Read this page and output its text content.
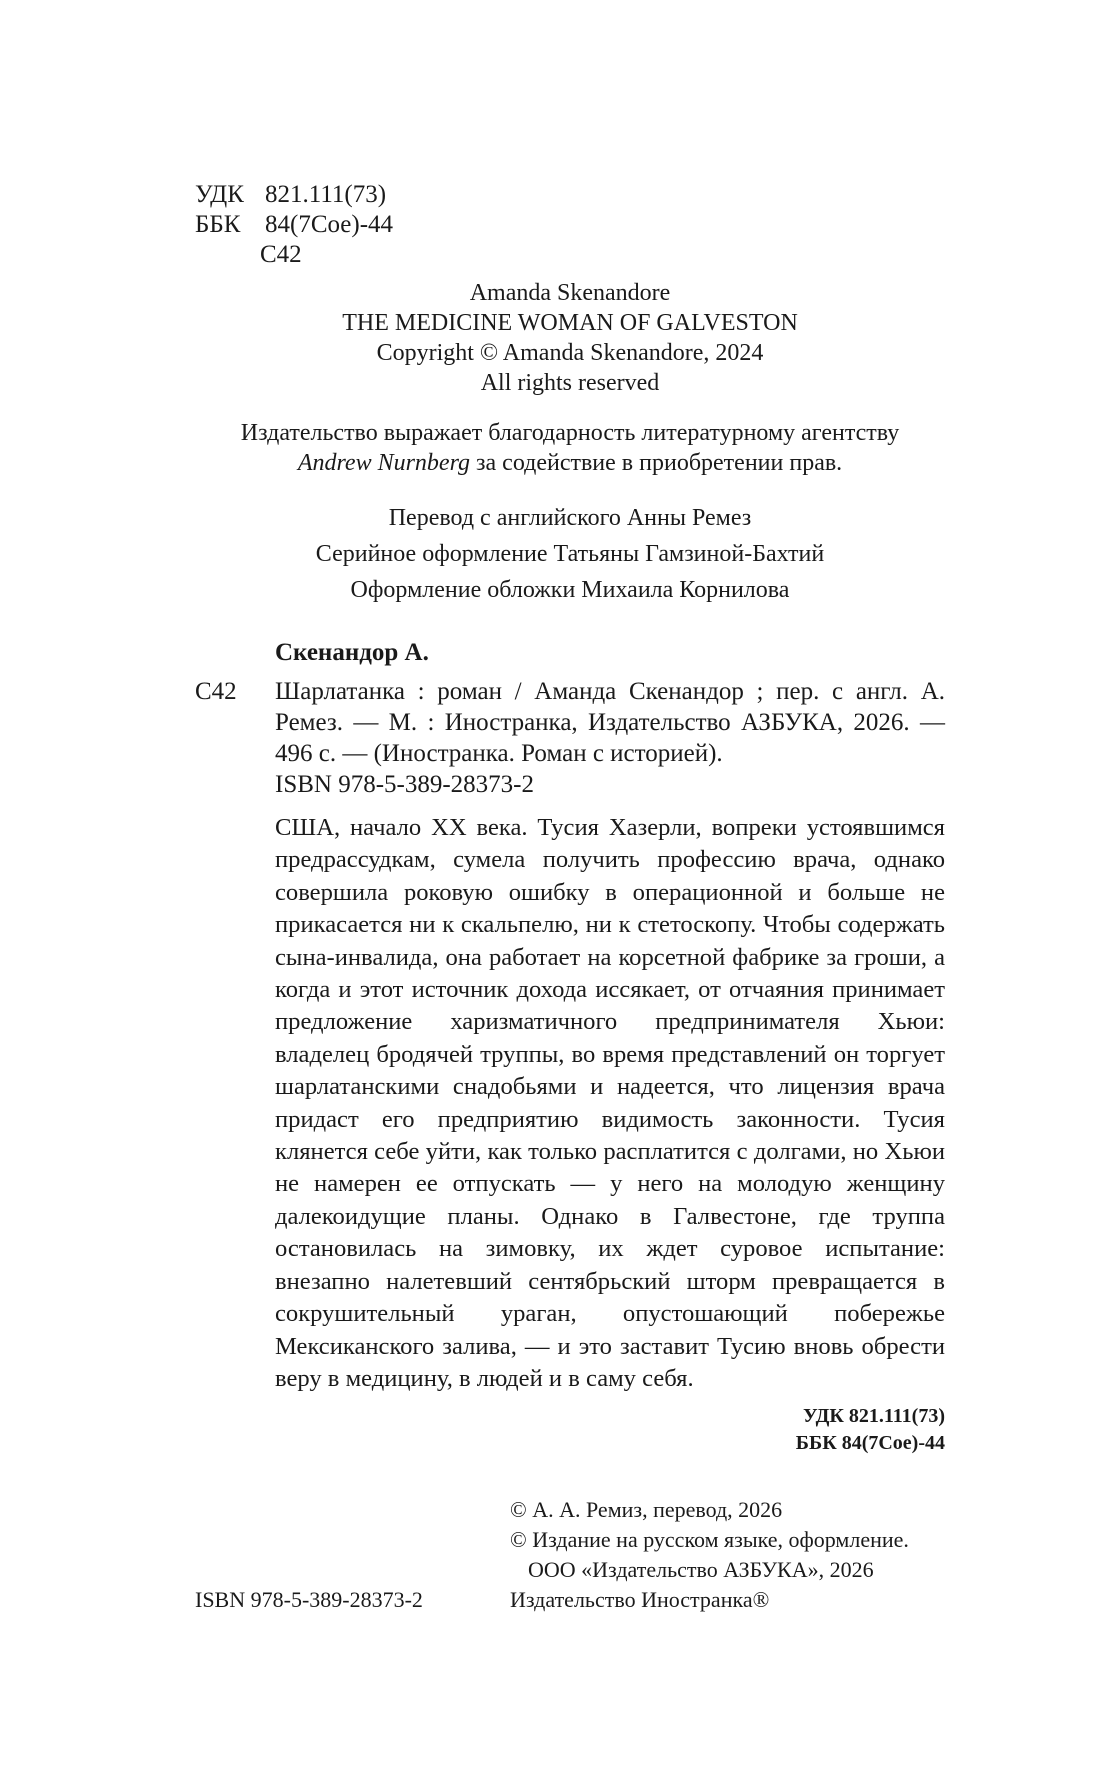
УДК 821.111(73)
ББК 84(7Сое)-44
С42
Amanda Skenandore
THE MEDICINE WOMAN OF GALVESTON
Copyright © Amanda Skenandore, 2024
All rights reserved
Издательство выражает благодарность литературному агентству
Andrew Nurnberg за содействие в приобретении прав.

Перевод с английского Анны Ремез

Серийное оформление Татьяны Гамзиной-Бахтий

Оформление обложки Михаила Корнилова

Скенандор А.
С42	Шарлатанка : роман / Аманда Скенандор ; пер. с англ. А. Ремез. — М. : Иностранка, Издательство АЗБУКА, 2026. — 496 с. — (Иностранка. Роман с историей).
ISBN 978-5-389-28373-2
США, начало XX века. Тусия Хазерли, вопреки устоявшимся предрассудкам, сумела получить профессию врача, однако совершила роковую ошибку в операционной и больше не прикасается ни к скальпелю, ни к стетоскопу. Чтобы содержать сына-инвалида, она работает на корсетной фабрике за гроши, а когда и этот источник дохода иссякает, от отчаяния принимает предложение харизматичного предпринимателя Хьюи: владелец бродячей труппы, во время представлений он торгует шарлатанскими снадобьями и надеется, что лицензия врача придаст его предприятию видимость законности. Тусия клянется себе уйти, как только расплатится с долгами, но Хьюи не намерен ее отпускать — у него на молодую женщину далекоидущие планы. Однако в Галвестоне, где труппа остановилась на зимовку, их ждет суровое испытание: внезапно налетевший сентябрьский шторм превращается в сокрушительный ураган, опустошающий побережье Мексиканского залива, — и это заставит Тусию вновь обрести веру в медицину, в людей и в саму себя.
УДК 821.111(73)
ББК 84(7Сое)-44

© А. А. Ремиз, перевод, 2026

© Издание на русском языке, оформление.

ООО «Издательство АЗБУКА», 2026

Издательство Иностранка®

ISBN 978-5-389-28373-2
